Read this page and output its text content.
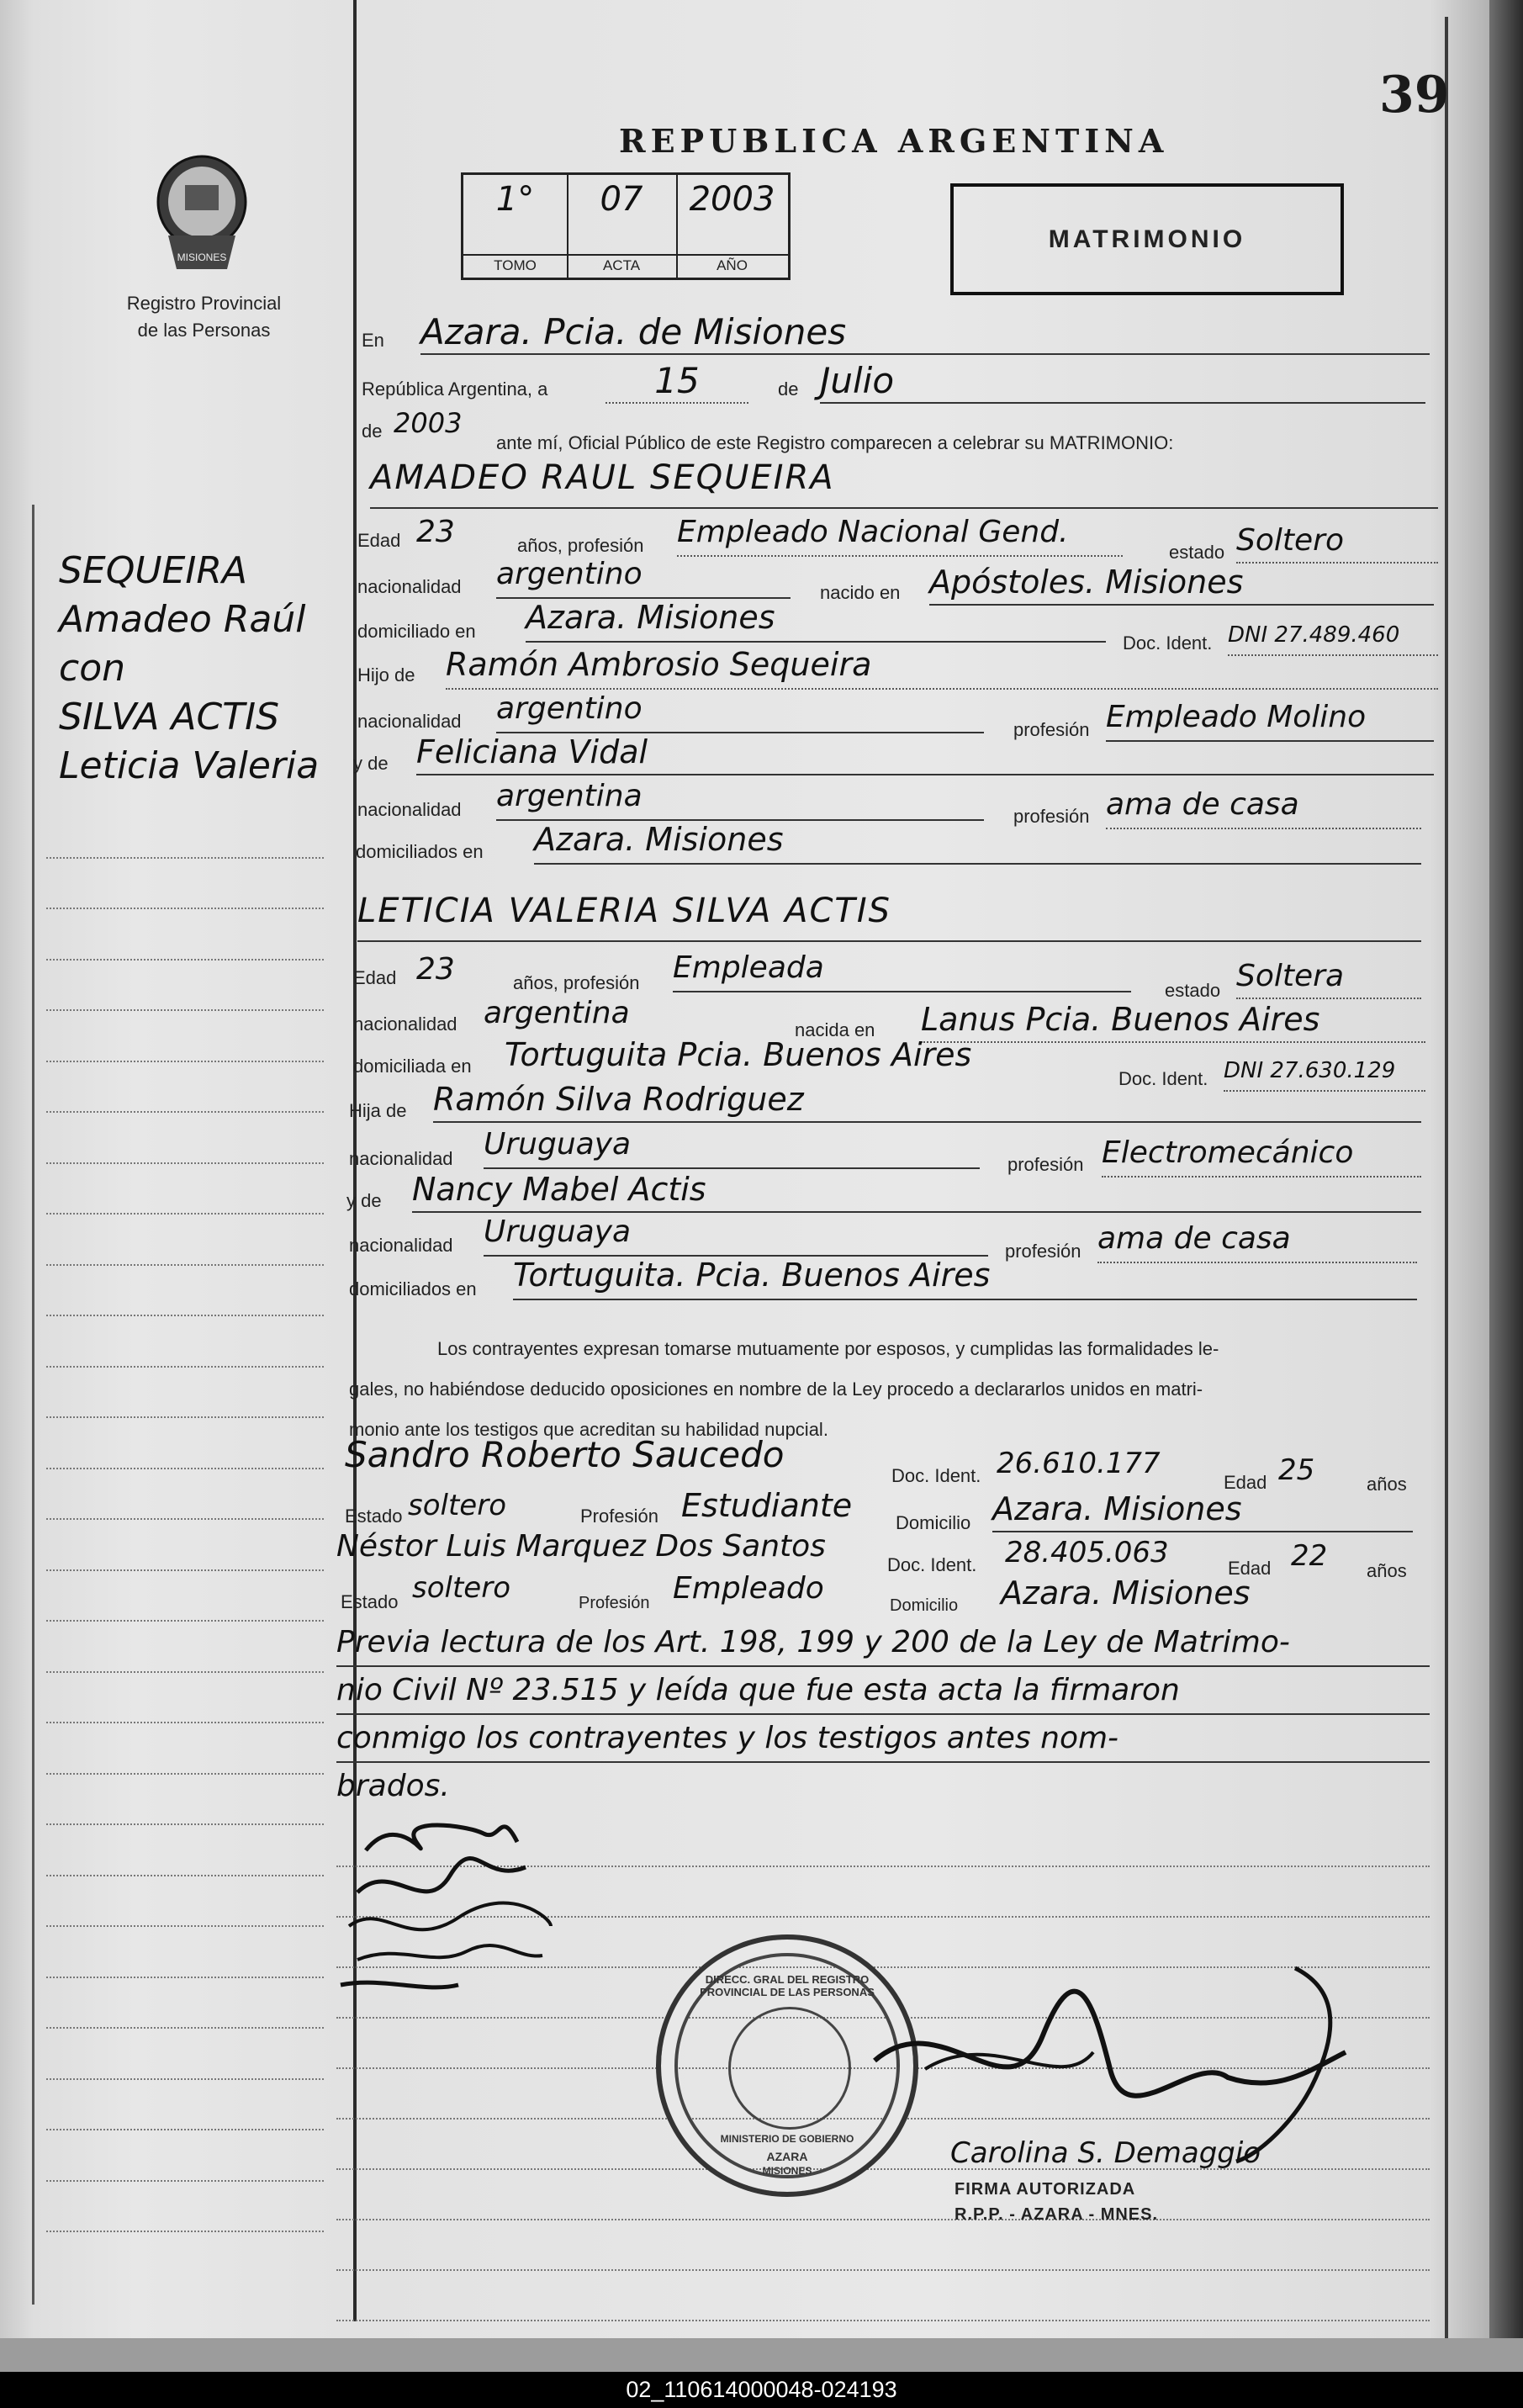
MISIONES
Registro Provincial
de las Personas
39
REPUBLICA ARGENTINA
1°
TOMO
07
ACTA
2003
AÑO
MATRIMONIO
SEQUEIRA
Amadeo Raúl
con
SILVA ACTIS
Leticia Valeria
En Azara. Pcia. de Misiones
República Argentina, a	15	de Julio
de 2003
ante mí, Oficial Público de este Registro comparecen a celebrar su MATRIMONIO:
AMADEO RAUL SEQUEIRA
Edad 23	años, profesión Empleado Nacional Gend.
estado Soltero
nacionalidad argentino
nacido en Apóstoles. Misiones
domiciliado en Azara. Misiones
Doc. Ident. DNI 27.489.460
Hijo de Ramón Ambrosio Sequeira
nacionalidad argentino
profesión Empleado Molino
y de Feliciana Vidal
nacionalidad argentina
profesión ama de casa
domiciliados en Azara. Misiones
LETICIA VALERIA SILVA ACTIS
Edad 23	años, profesión Empleada
estado Soltera
nacionalidad argentina	nacida en Lanus Pcia. Buenos Aires
domiciliada en Tortuguita Pcia. Buenos Aires
Doc. Ident. DNI 27.630.129
Hija de Ramón Silva Rodriguez
nacionalidad Uruguaya
profesión Electromecánico
y de Nancy Mabel Actis
nacionalidad Uruguaya
profesión ama de casa
domiciliados en Tortuguita. Pcia. Buenos Aires
Los contrayentes expresan tomarse mutuamente por esposos, y cumplidas las formalidades le-
gales, no habiéndose deducido oposiciones en nombre de la Ley procedo a declararlos unidos en matri-
monio ante los testigos que acreditan su habilidad nupcial.
Sandro Roberto Saucedo
Doc. Ident. 26.610.177
Edad 25	años
Estado soltero	Profesión Estudiante Domicilio Azara. Misiones
Néstor Luis Marquez Dos Santos
Doc. Ident. 28.405.063	Edad 22 años
Estado soltero	Profesión Empleado	Domicilio Azara. Misiones
Previa lectura de los Art. 198, 199 y 200 de la Ley de Matrimo-
nio Civil Nº 23.515 y leída que fue esta acta la firmaron
conmigo los contrayentes y los testigos antes nom-
brados.
DIRECC. GRAL DEL REGISTRO PROVINCIAL DE LAS PERSONAS
MINISTERIO DE GOBIERNO
AZARA
MISIONES
Carolina S. Demaggio
FIRMA AUTORIZADA
R.P.P. - AZARA - MNES.
02_110614000048-024193
